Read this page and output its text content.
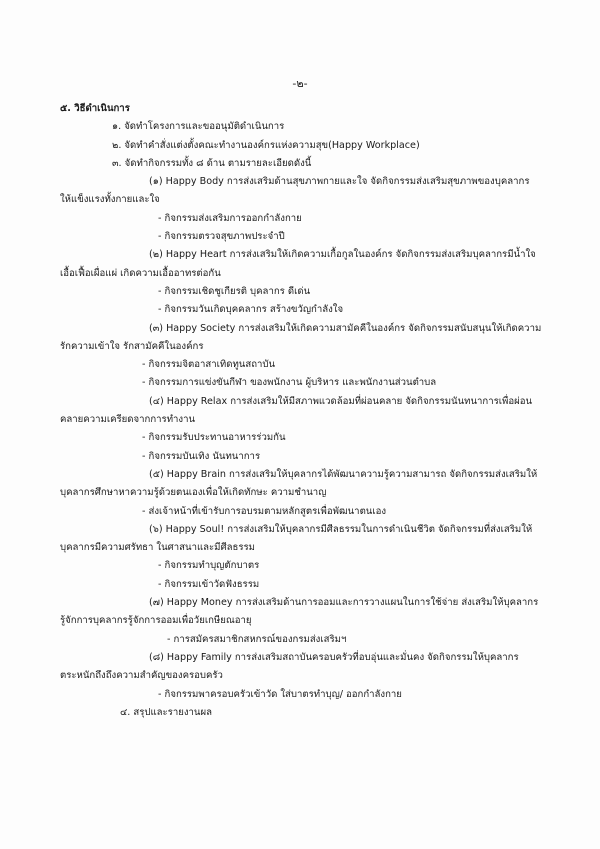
-๒-
๕. วิธีดำเนินการ
๑. จัดทำโครงการและขออนุมัติดำเนินการ
๒. จัดทำคำสั่งแต่งตั้งคณะทำงานองค์กรแห่งความสุข(Happy Workplace)
๓. จัดทำกิจกรรมทั้ง ๘ ด้าน ตามรายละเอียดดังนี้
(๑) Happy Body การส่งเสริมด้านสุขภาพกายและใจ จัดกิจกรรมส่งเสริมสุขภาพของบุคลากร
ให้แข็งแรงทั้งกายและใจ
- กิจกรรมส่งเสริมการออกกำลังกาย
- กิจกรรมตรวจสุขภาพประจำปี
(๒) Happy Heart การส่งเสริมให้เกิดความเกื้อกูลในองค์กร จัดกิจกรรมส่งเสริมบุคลากรมีน้ำใจ
เอื้อเฟื้อเผื่อแผ่ เกิดความเอื้ออาทรต่อกัน
- กิจกรรมเชิดชูเกียรติ บุคลากร ดีเด่น
- กิจกรรมวันเกิดบุคคลากร สร้างขวัญกำลังใจ
(๓) Happy Society การส่งเสริมให้เกิดความสามัคคีในองค์กร จัดกิจกรรมสนับสนุนให้เกิดความ
รักความเข้าใจ รักสามัคคีในองค์กร
- กิจกรรมจิตอาสาเทิดทูนสถาบัน
- กิจกรรมการแข่งขันกีฬา ของพนักงาน ผู้บริหาร และพนักงานส่วนตำบล
(๔) Happy Relax การส่งเสริมให้มีสภาพแวดล้อมที่ผ่อนคลาย จัดกิจกรรมนันทนาการเพื่อผ่อน
คลายความเครียดจากการทำงาน
- กิจกรรมรับประทานอาหารร่วมกัน
- กิจกรรมบันเทิง นันทนาการ
(๕) Happy Brain การส่งเสริมให้บุคลากรได้พัฒนาความรู้ความสามารถ จัดกิจกรรมส่งเสริมให้
บุคลากรศึกษาหาความรู้ด้วยตนเองเพื่อให้เกิดทักษะ ความชำนาญ
- ส่งเจ้าหน้าที่เข้ารับการอบรมตามหลักสูตรเพื่อพัฒนาตนเอง
(๖) Happy Soul! การส่งเสริมให้บุคลากรมีศีลธรรมในการดำเนินชีวิต จัดกิจกรรมที่ส่งเสริมให้
บุคลากรมีความศรัทธา ในศาสนาและมีศีลธรรม
- กิจกรรมทำบุญตักบาตร
- กิจกรรมเข้าวัดฟังธรรม
(๗) Happy Money การส่งเสริมด้านการออมและการวางแผนในการใช้จ่าย ส่งเสริมให้บุคลากร
รู้จักการบุคลากรรู้จักการออมเพื่อวัยเกษียณอายุ
- การสมัครสมาชิกสหกรณ์ของกรมส่งเสริมฯ
(๘) Happy Family การส่งเสริมสถาบันครอบครัวที่อบอุ่นและมั่นคง จัดกิจกรรมให้บุคลากร
ตระหนักถึงถึงความสำคัญของครอบครัว
- กิจกรรมพาครอบครัวเข้าวัด ใส่บาตรทำบุญ/ ออกกำลังกาย
๔. สรุปและรายงานผล
